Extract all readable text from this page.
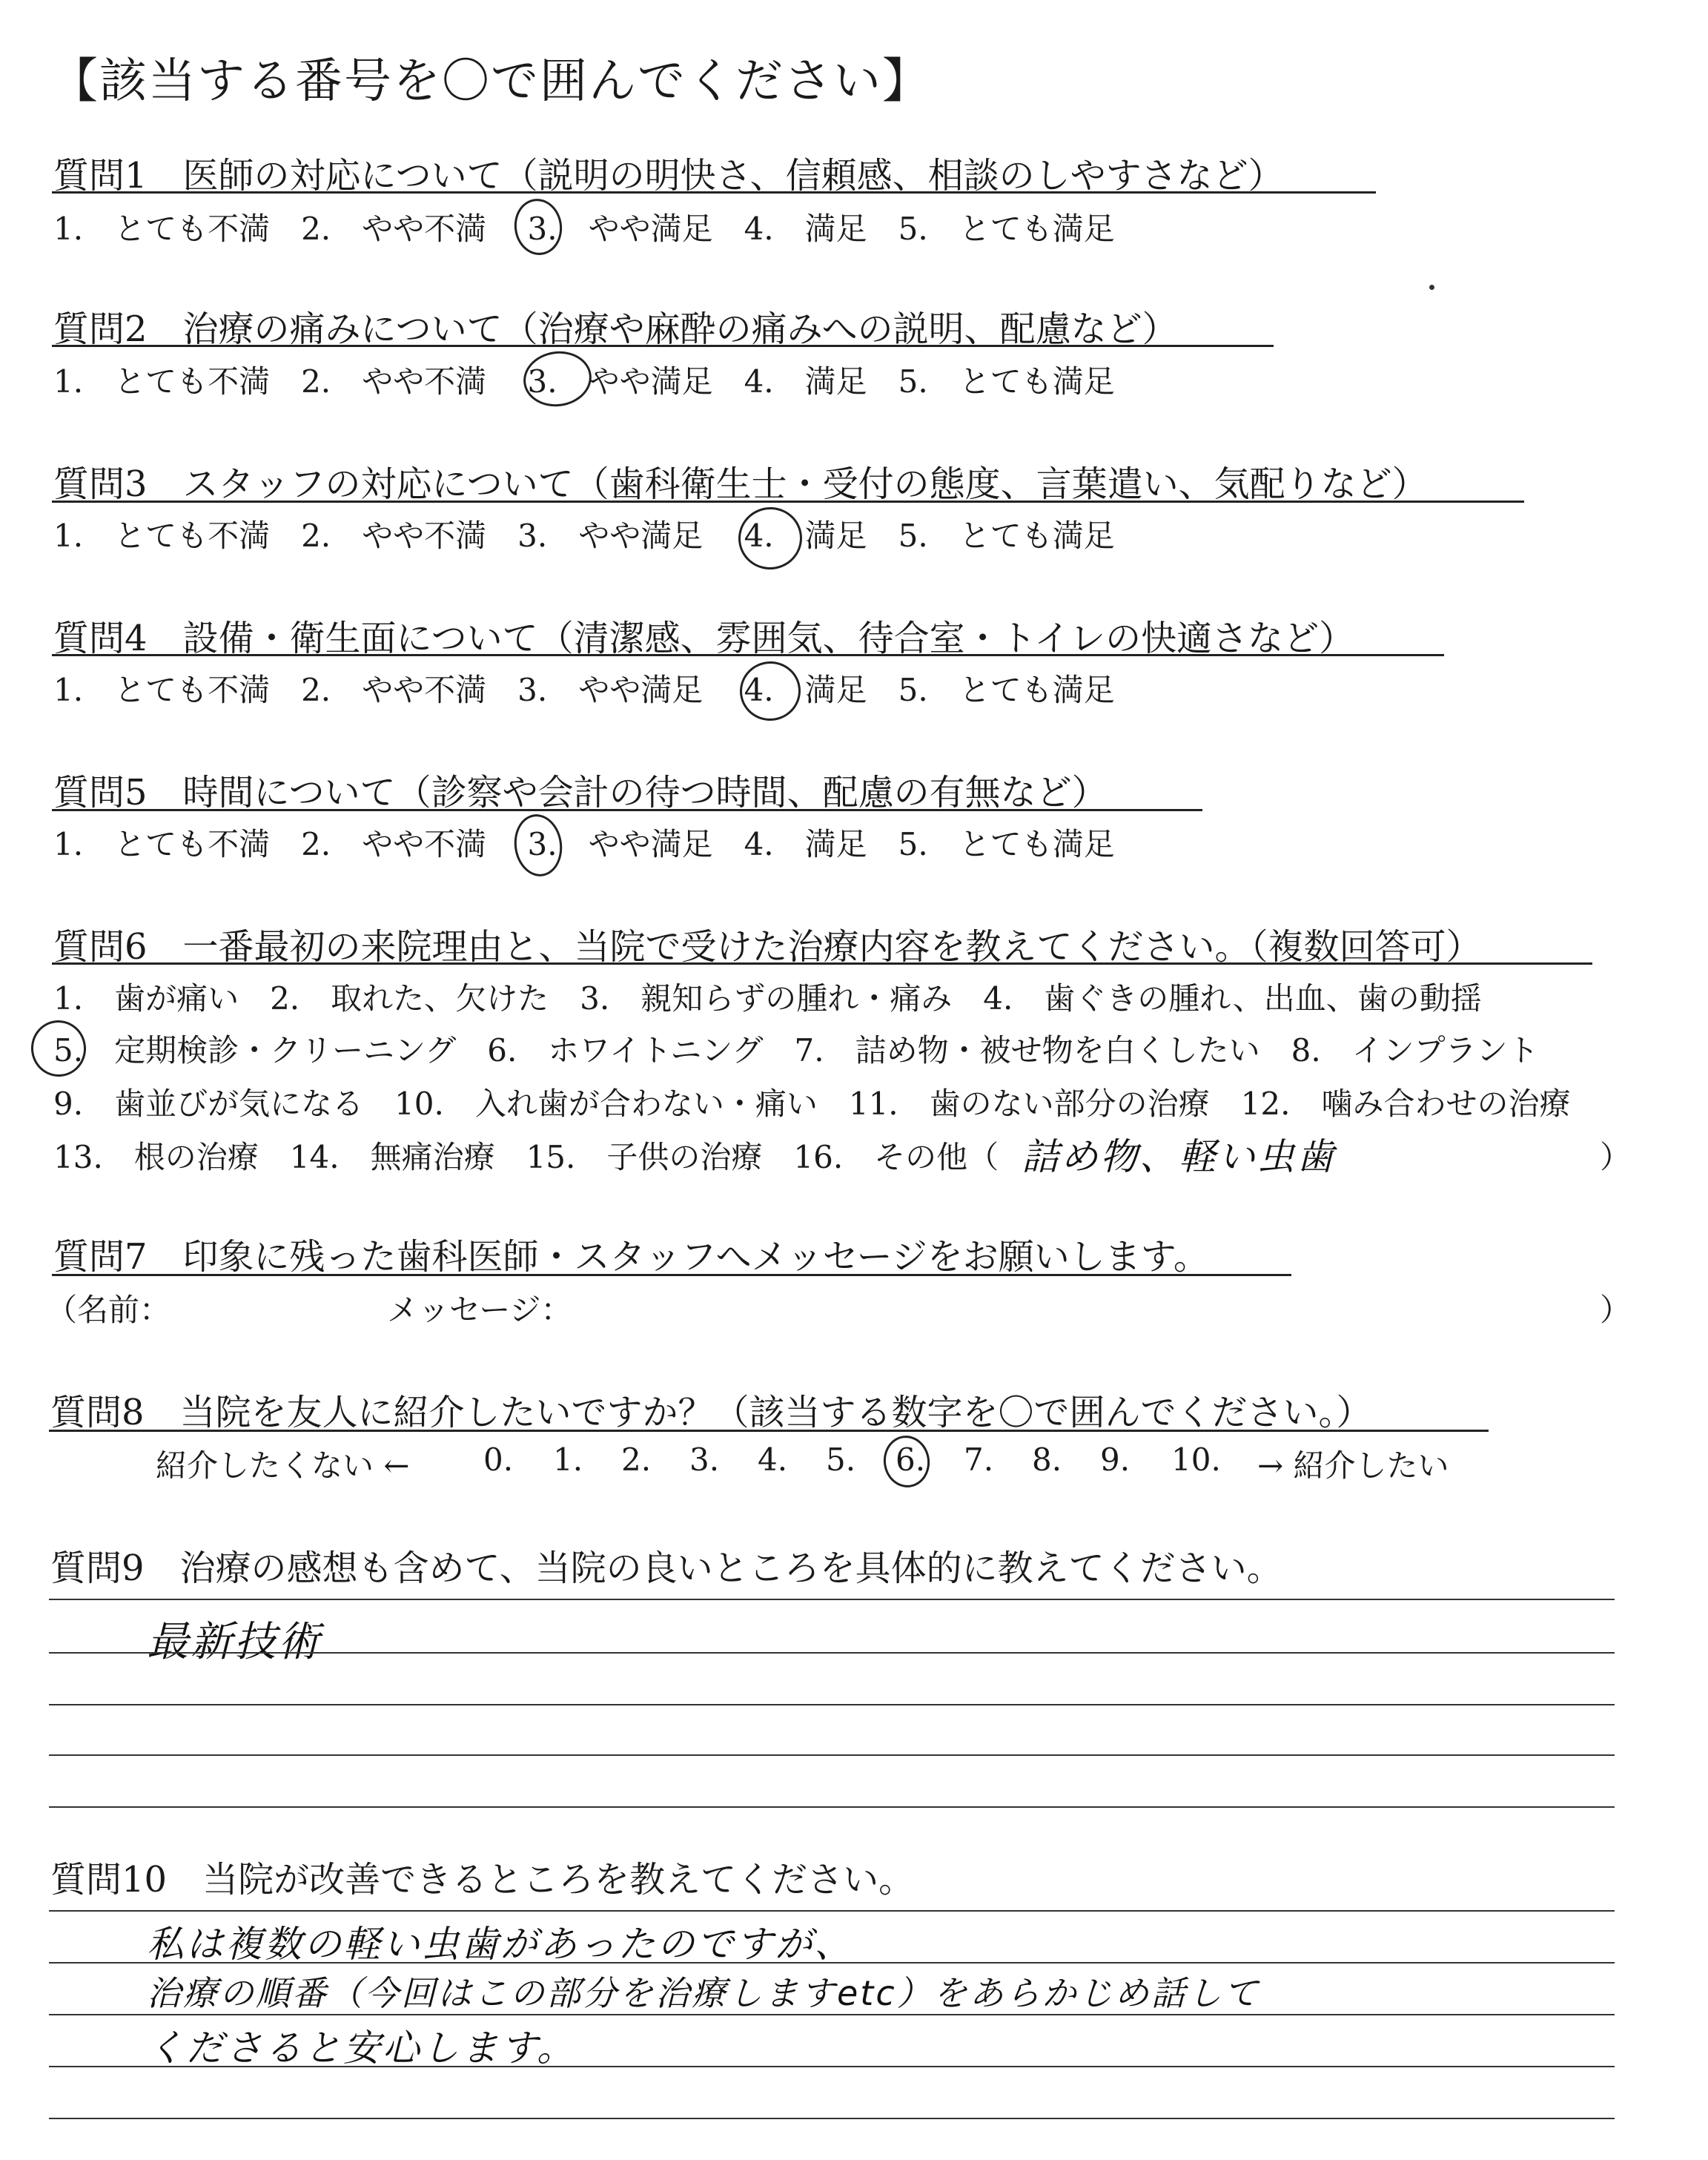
【該当する番号を〇で囲んでください】
質問1　医師の対応について（説明の明快さ、信頼感、相談のしやすさなど）
1.　とても不満　2.　やや不満　 3.　やや満足　4.　満足　5.　とても満足
質問2　治療の痛みについて（治療や麻酔の痛みへの説明、配慮など）
1.　とても不満　2.　やや不満　 3.　やや満足　4.　満足　5.　とても満足
質問3　スタッフの対応について（歯科衛生士・受付の態度、言葉遣い、気配りなど）
1.　とても不満　2.　やや不満　3.　やや満足　 4.　満足　5.　とても満足
質問4　設備・衛生面について（清潔感、雰囲気、待合室・トイレの快適さなど）
1.　とても不満　2.　やや不満　3.　やや満足　 4.　満足　5.　とても満足
質問5　時間について（診察や会計の待つ時間、配慮の有無など）
1.　とても不満　2.　やや不満　 3.　やや満足　4.　満足　5.　とても満足
質問6　一番最初の来院理由と、当院で受けた治療内容を教えてください。（複数回答可）
1.　歯が痛い　2.　取れた、欠けた　3.　親知らずの腫れ・痛み　4.　歯ぐきの腫れ、出血、歯の動揺
5.　定期検診・クリーニング　6.　ホワイトニング　7.　詰め物・被せ物を白くしたい　8.　インプラント
9.　歯並びが気になる　10.　入れ歯が合わない・痛い　11.　歯のない部分の治療　12.　噛み合わせの治療
13.　根の治療　14.　無痛治療　15.　子供の治療　16.　その他（ 詰め物、軽い虫歯	）
質問7　印象に残った歯科医師・スタッフへメッセージをお願いします。
（名前：	メッセージ：	）
質問8　当院を友人に紹介したいですか？（該当する数字を〇で囲んでください。）
紹介したくない ← 0. 1. 2. 3. 4. 5. 6. 7. 8. 9. 10. → 紹介したい
質問9　治療の感想も含めて、当院の良いところを具体的に教えてください。
最新技術
質問10　当院が改善できるところを教えてください。
私は複数の軽い虫歯があったのですが、
治療の順番（今回はこの部分を治療しますetc）をあらかじめ話して
くださると安心します。
